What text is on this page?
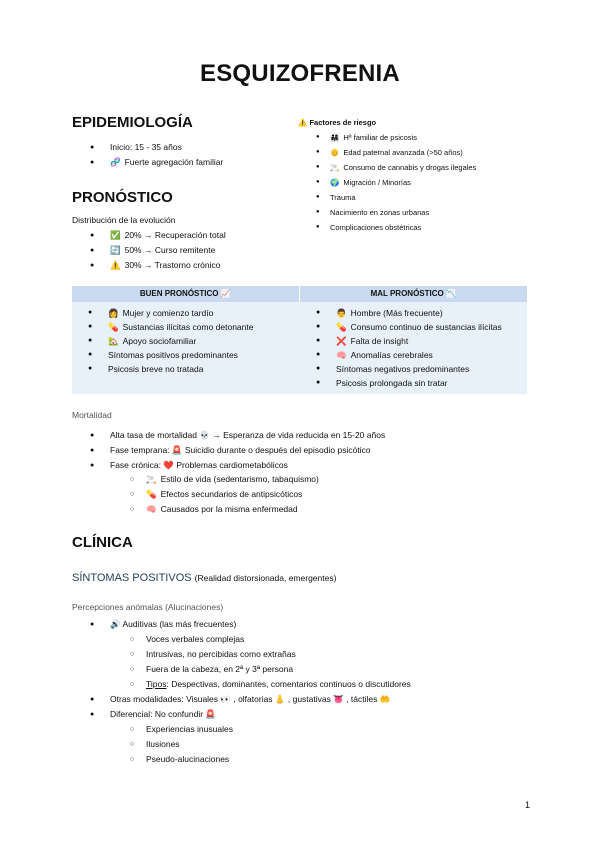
ESQUIZOFRENIA
EPIDEMIOLOGÍA
● Inicio: 15 - 35 años
● 🧬 Fuerte agregación familiar
⚠️ Factores de riesgo
● 👨‍👩‍👧 Hª familiar de psicosis
● 👴 Edad paternal avanzada (>50 años)
● 🚬 Consumo de cannabis y drogas ilegales
● 🌍 Migración / Minorías
● Trauma
● Nacimiento en zonas urbanas
● Complicaciones obstétricas
PRONÓSTICO
Distribución de la evolución
● ✅ 20% → Recuperación total
● 🔄 50% → Curso remitente
● ⚠️ 30% → Trastorno crónico
BUEN PRONÓSTICO 📈	MAL PRONÓSTICO 📉
● 👩 Mujer y comienzo tardío
● 💊 Sustancias ilícitas como detonante
● 🏡 Apoyo sociofamiliar
● Síntomas positivos predominantes
● Psicosis breve no tratada
● 👨 Hombre (Más frecuente)
● 💊 Consumo continuo de sustancias ilícitas
● ❌ Falta de insight
● 🧠 Anomalías cerebrales
● Síntomas negativos predominantes
● Psicosis prolongada sin tratar
Mortalidad
● Alta tasa de mortalidad 💀 → Esperanza de vida reducida en 15-20 años
● Fase temprana: 🚨 Suicidio durante o después del episodio psicótico
● Fase crónica: ❤️ Problemas cardiometabólicos
○ 🚬 Estilo de vida (sedentarismo, tabaquismo)
○ 💊 Efectos secundarios de antipsicóticos
○ 🧠 Causados por la misma enfermedad
CLÍNICA
SÍNTOMAS POSITIVOS (Realidad distorsionada, emergentes)
Percepciones anómalas (Alucinaciones)
● 🔊 Auditivas (las más frecuentes)
○ Voces verbales complejas
○ Intrusivas, no percibidas como extrañas
○ Fuera de la cabeza, en 2ª y 3ª persona
○ Tipos: Despectivas, dominantes, comentarios continuos o discutidores
● Otras modalidades: Visuales 👀 , olfatorias 👃 , gustativas 👅 , táctiles 🤲
● Diferencial: No confundir 🚨
○ Experiencias inusuales
○ Ilusiones
○ Pseudo-alucinaciones
1
